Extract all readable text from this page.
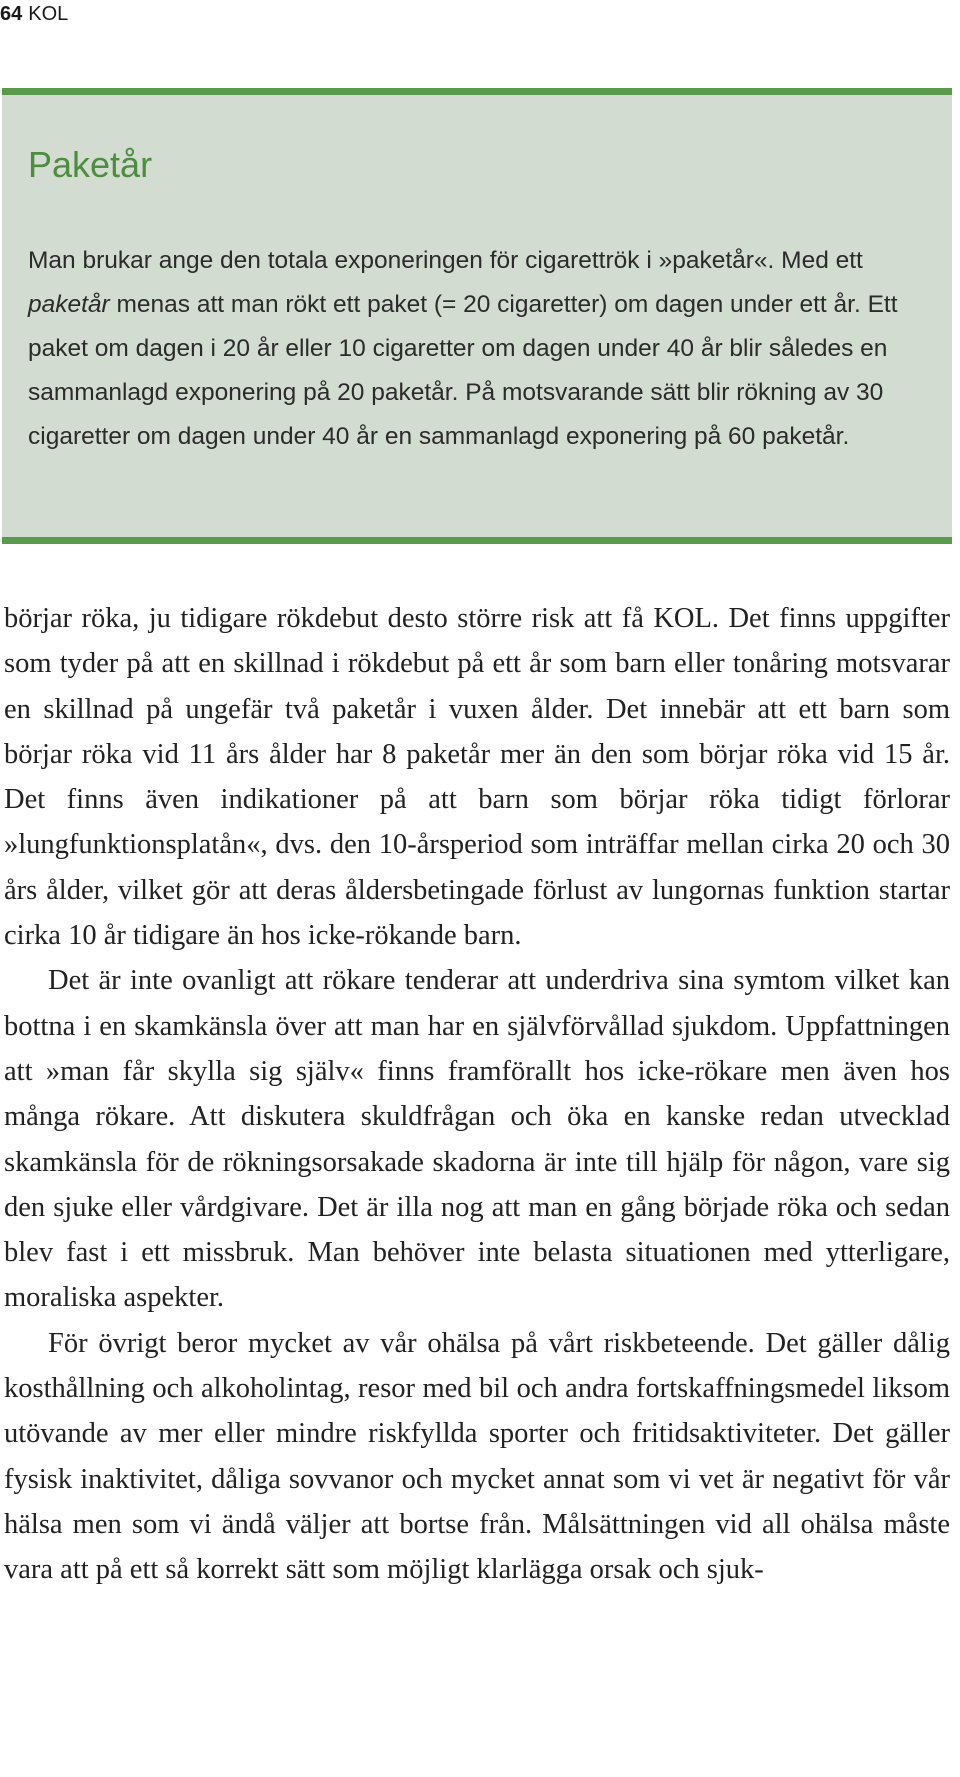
64 KOL
Paketår

Man brukar ange den totala exponeringen för cigarettrök i »paketår«. Med ett paketår menas att man rökt ett paket (= 20 cigaretter) om dagen under ett år. Ett paket om dagen i 20 år eller 10 cigaretter om dagen under 40 år blir således en sammanlagd exponering på 20 paketår. På motsvarande sätt blir rökning av 30 cigaretter om dagen under 40 år en sammanlagd exponering på 60 paketår.

börjar röka, ju tidigare rökdebut desto större risk att få KOL. Det finns uppgifter som tyder på att en skillnad i rökdebut på ett år som barn eller tonåring motsvarar en skillnad på ungefär två paketår i vuxen ålder. Det innebär att ett barn som börjar röka vid 11 års ålder har 8 paketår mer än den som börjar röka vid 15 år. Det finns även indikationer på att barn som börjar röka tidigt förlorar »lungfunktionsplatån«, dvs. den 10-årsperiod som inträffar mellan cirka 20 och 30 års ålder, vilket gör att deras åldersbetingade förlust av lungornas funktion startar cirka 10 år tidigare än hos icke-rökande barn.

Det är inte ovanligt att rökare tenderar att underdriva sina symtom vilket kan bottna i en skamkänsla över att man har en självförvållad sjukdom. Uppfattningen att »man får skylla sig själv« finns framförallt hos icke-rökare men även hos många rökare. Att diskutera skuldfrågan och öka en kanske redan utvecklad skamkänsla för de rökningsorsakade skadorna är inte till hjälp för någon, vare sig den sjuke eller vårdgivare. Det är illa nog att man en gång började röka och sedan blev fast i ett missbruk. Man behöver inte belasta situationen med ytterligare, moraliska aspekter.

För övrigt beror mycket av vår ohälsa på vårt riskbeteende. Det gäller dålig kosthållning och alkoholintag, resor med bil och andra fortskaffningsmedel liksom utövande av mer eller mindre riskfyllda sporter och fritidsaktiviteter. Det gäller fysisk inaktivitet, dåliga sovvanor och mycket annat som vi vet är negativt för vår hälsa men som vi ändå väljer att bortse från. Målsättningen vid all ohälsa måste vara att på ett så korrekt sätt som möjligt klarlägga orsak och sjuk-
